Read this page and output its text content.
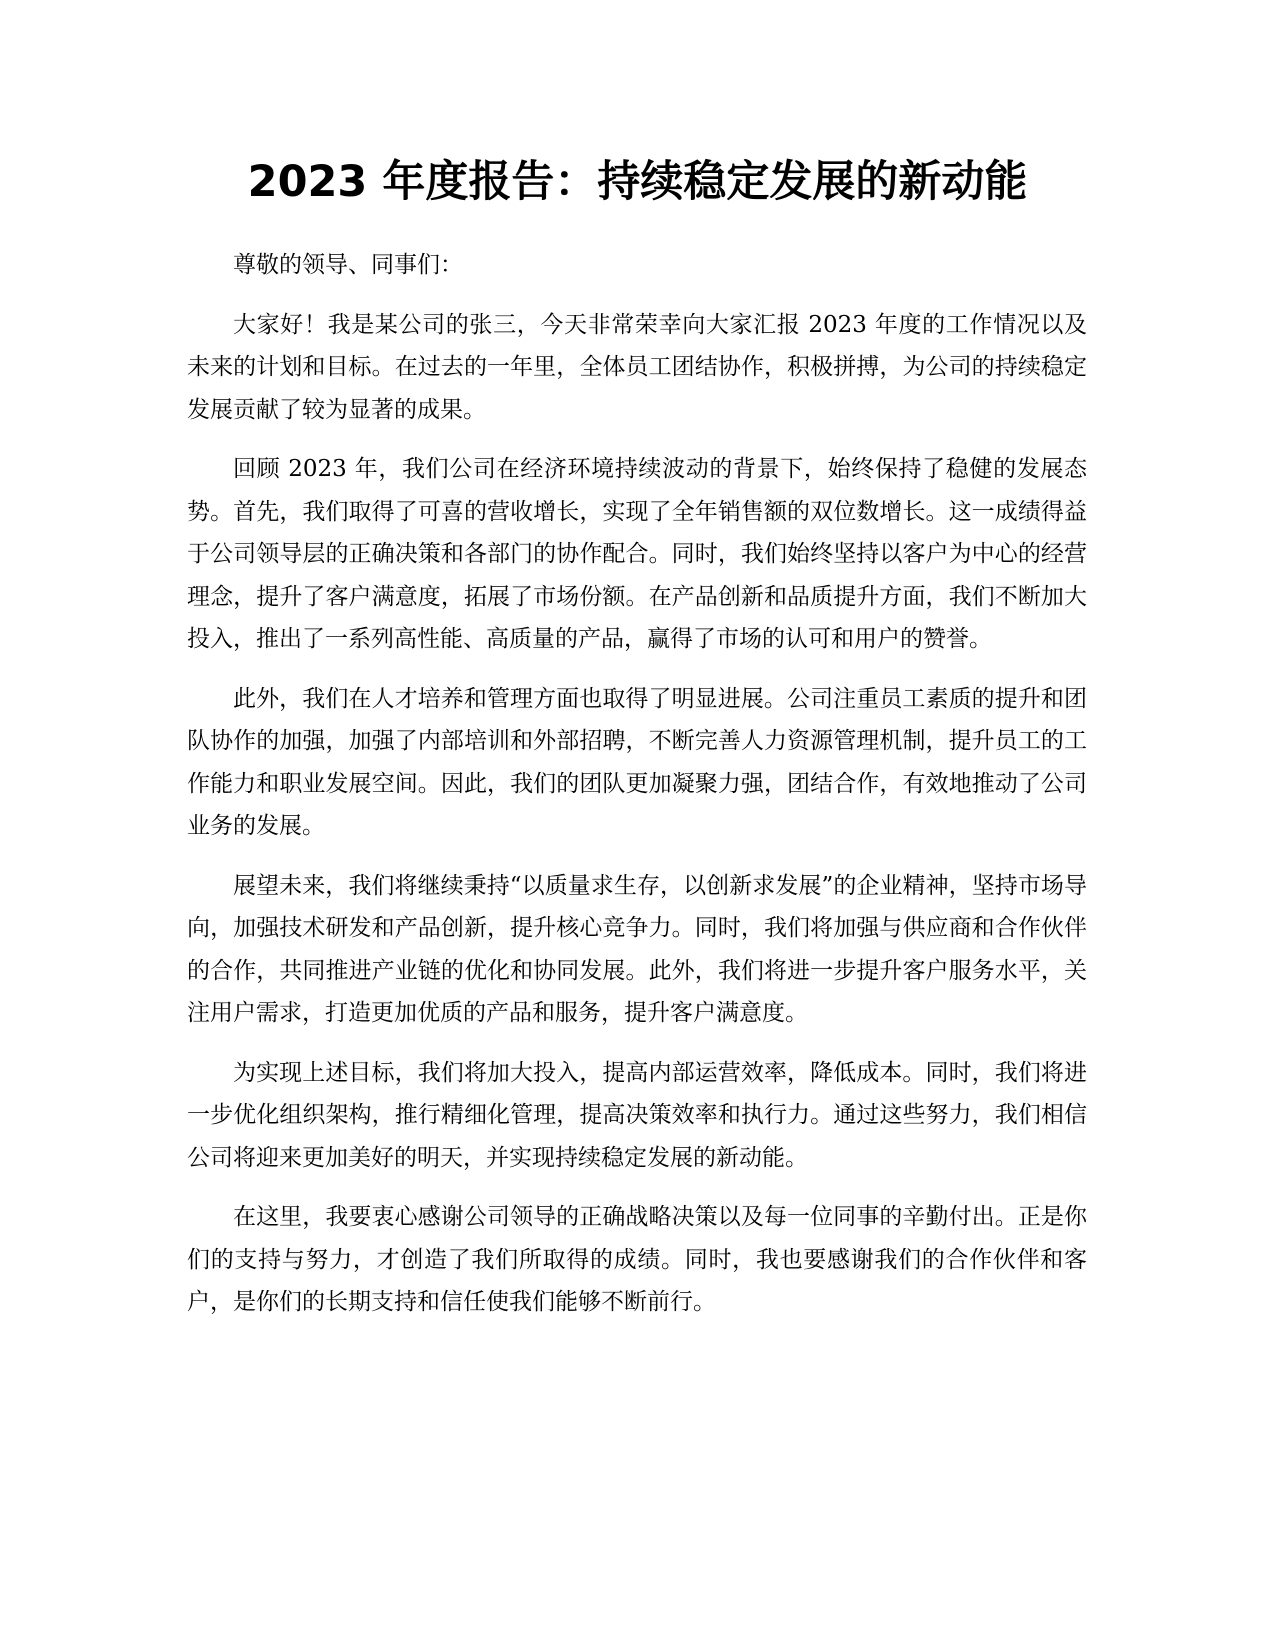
2023 年度报告：持续稳定发展的新动能

尊敬的领导、同事们：

大家好！我是某公司的张三，今天非常荣幸向大家汇报 2023 年度的工作情况以及未来的计划和目标。在过去的一年里，全体员工团结协作，积极拼搏，为公司的持续稳定发展贡献了较为显著的成果。

回顾 2023 年，我们公司在经济环境持续波动的背景下，始终保持了稳健的发展态势。首先，我们取得了可喜的营收增长，实现了全年销售额的双位数增长。这一成绩得益于公司领导层的正确决策和各部门的协作配合。同时，我们始终坚持以客户为中心的经营理念，提升了客户满意度，拓展了市场份额。在产品创新和品质提升方面，我们不断加大投入，推出了一系列高性能、高质量的产品，赢得了市场的认可和用户的赞誉。

此外，我们在人才培养和管理方面也取得了明显进展。公司注重员工素质的提升和团队协作的加强，加强了内部培训和外部招聘，不断完善人力资源管理机制，提升员工的工作能力和职业发展空间。因此，我们的团队更加凝聚力强，团结合作，有效地推动了公司业务的发展。

展望未来，我们将继续秉持“以质量求生存，以创新求发展”的企业精神，坚持市场导向，加强技术研发和产品创新，提升核心竞争力。同时，我们将加强与供应商和合作伙伴的合作，共同推进产业链的优化和协同发展。此外，我们将进一步提升客户服务水平，关注用户需求，打造更加优质的产品和服务，提升客户满意度。

为实现上述目标，我们将加大投入，提高内部运营效率，降低成本。同时，我们将进一步优化组织架构，推行精细化管理，提高决策效率和执行力。通过这些努力，我们相信公司将迎来更加美好的明天，并实现持续稳定发展的新动能。

在这里，我要衷心感谢公司领导的正确战略决策以及每一位同事的辛勤付出。正是你们的支持与努力，才创造了我们所取得的成绩。同时，我也要感谢我们的合作伙伴和客户，是你们的长期支持和信任使我们能够不断前行。
